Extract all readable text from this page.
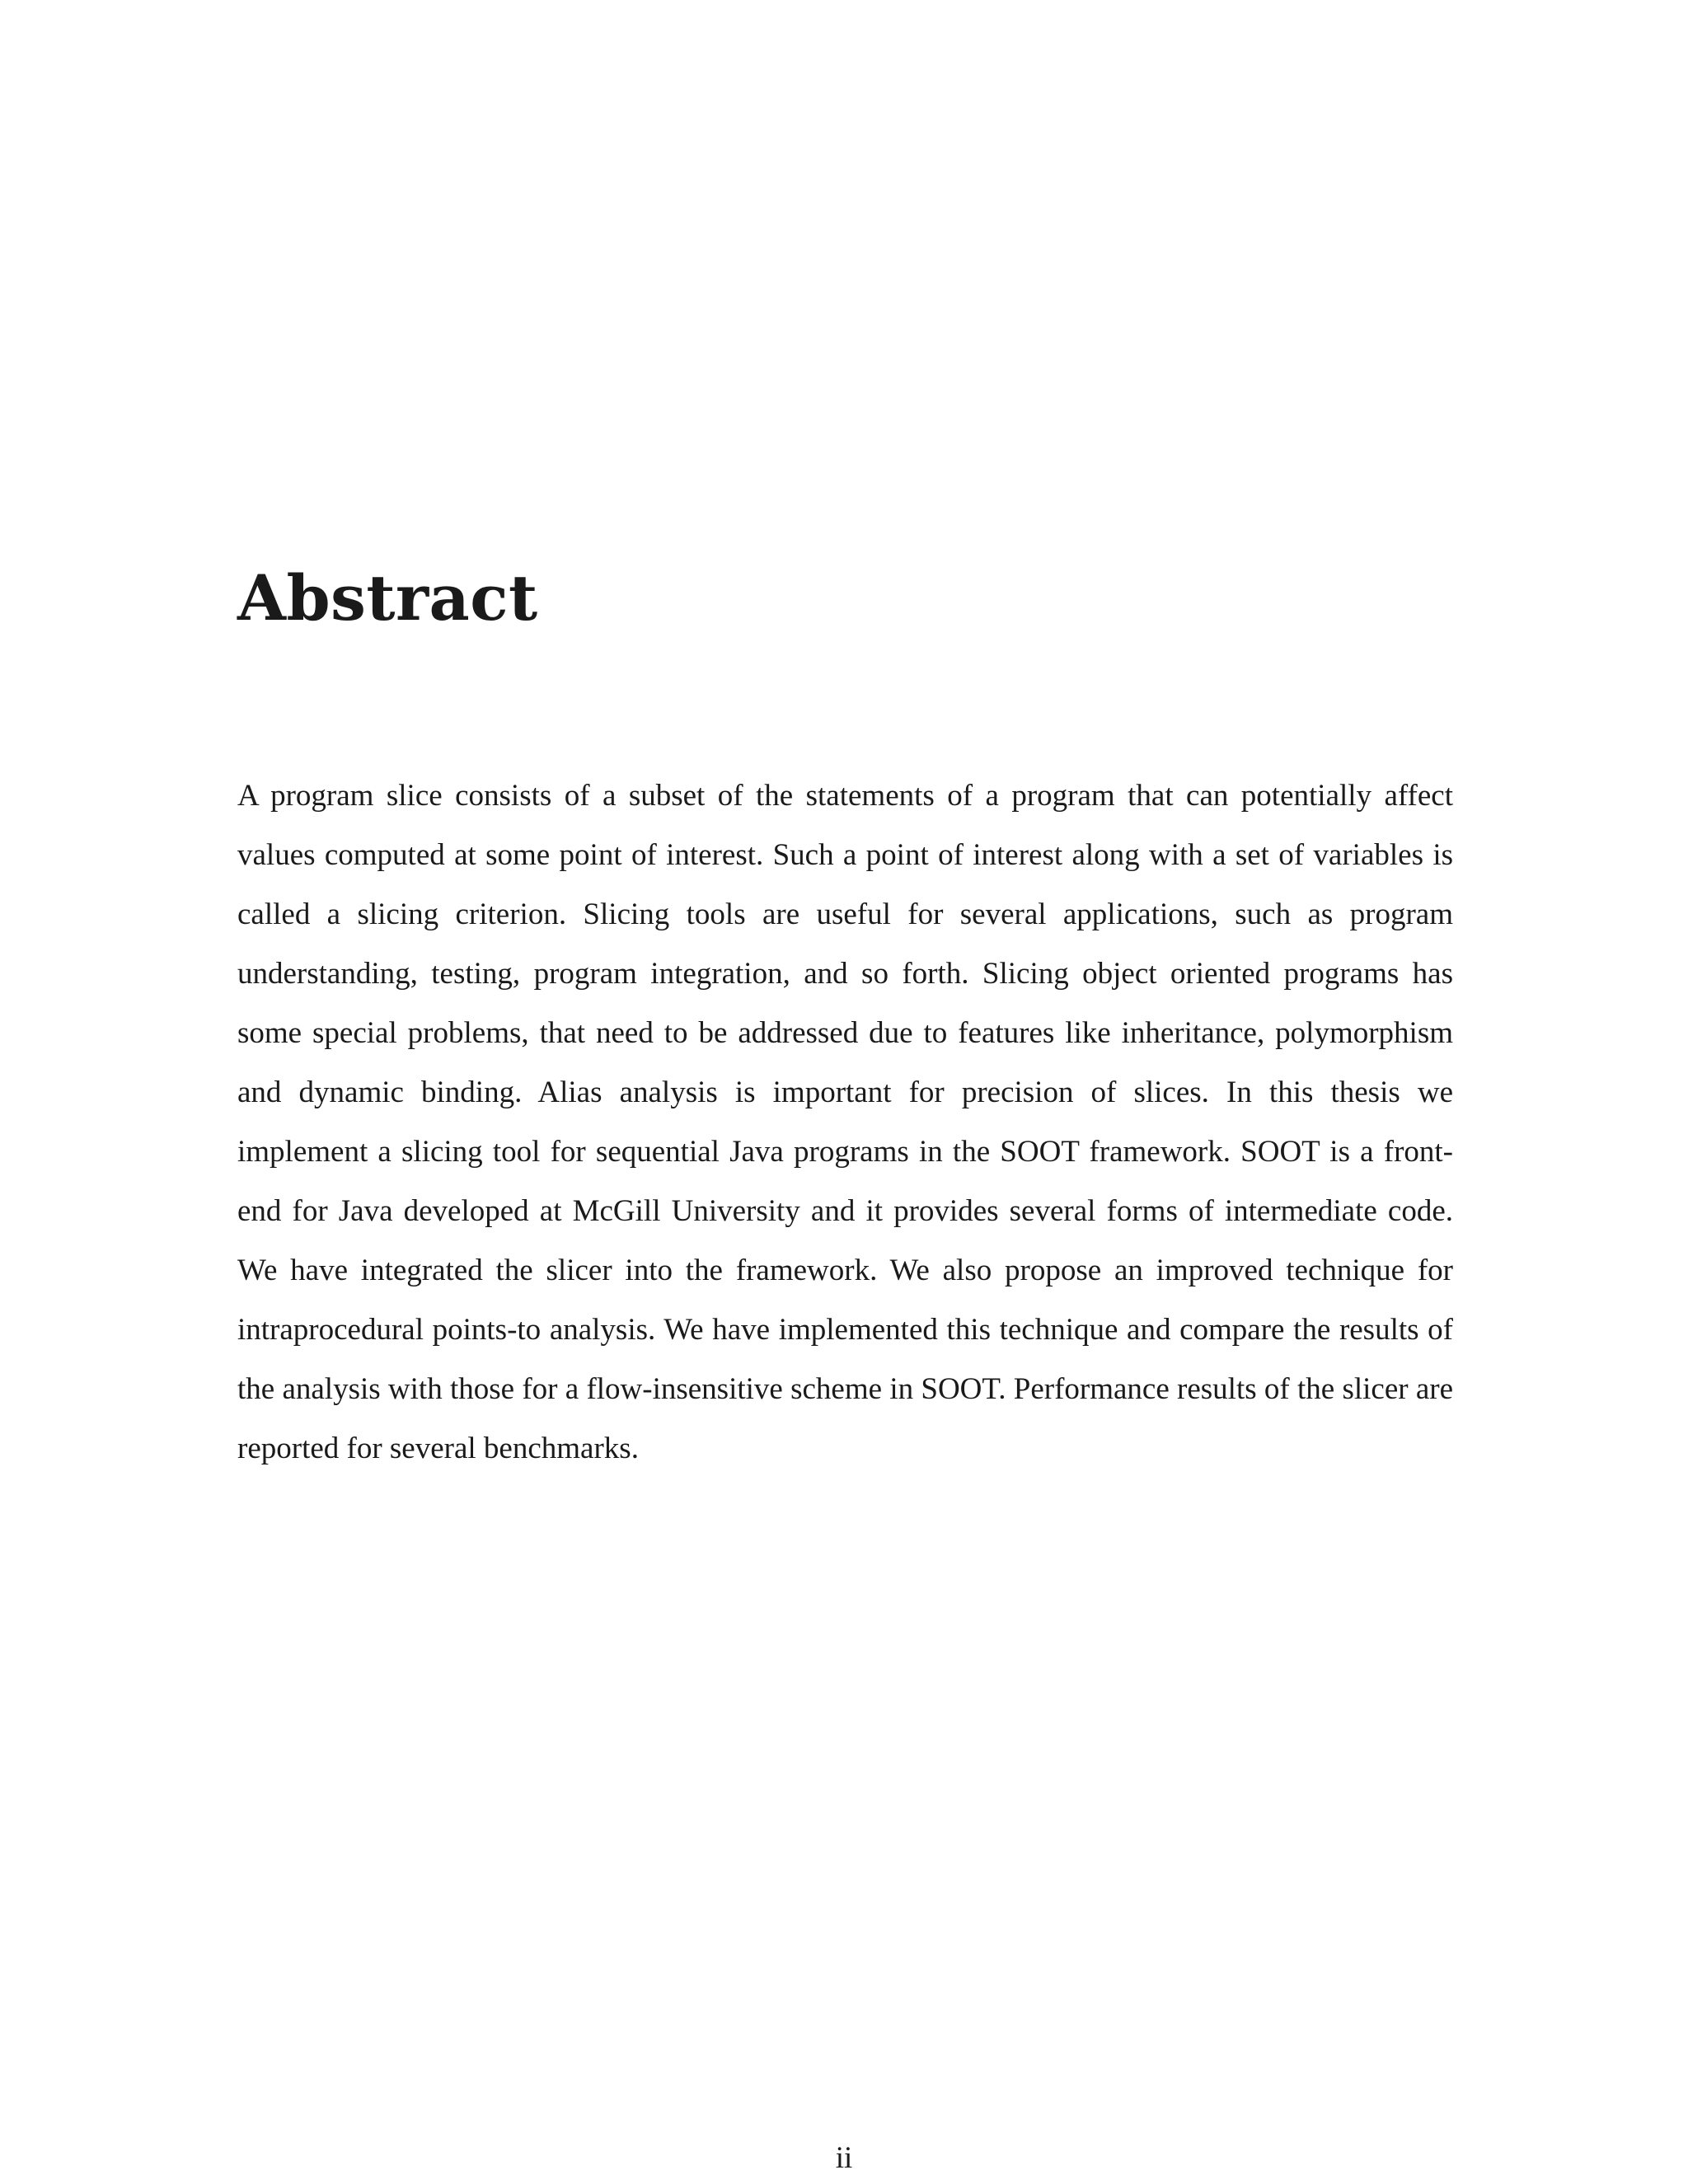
Abstract

A program slice consists of a subset of the statements of a program that can potentially affect values computed at some point of interest. Such a point of interest along with a set of variables is called a slicing criterion. Slicing tools are useful for several applications, such as program understanding, testing, program integration, and so forth. Slicing object oriented programs has some special problems, that need to be addressed due to features like inheritance, polymorphism and dynamic binding. Alias analysis is important for precision of slices. In this thesis we implement a slicing tool for sequential Java programs in the SOOT framework. SOOT is a front-end for Java developed at McGill University and it provides several forms of intermediate code. We have integrated the slicer into the framework. We also propose an improved technique for intraprocedural points-to analysis. We have implemented this technique and compare the results of the analysis with those for a flow-insensitive scheme in SOOT. Performance results of the slicer are reported for several benchmarks.

ii
